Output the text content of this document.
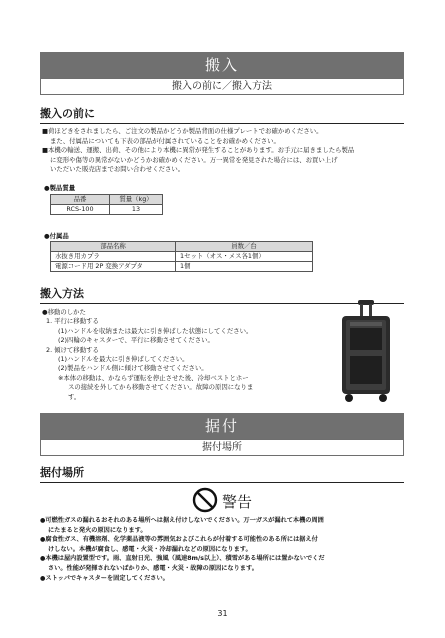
搬入
搬入の前に／搬入方法
搬入の前に
■荷ほどきをされましたら、ご注文の製品かどうか製品背面の仕様プレートでお確かめください。
また、付属品についても下表の部品が付属されていることをお確かめください。
■本機の輸送、運搬、出荷、その他により本機に異常が発生することがあります。お手元に届きましたら製品
に変形や傷等の異常がないかどうかお確かめください。万一異常を発見された場合には、お買い上げ
いただいた販売店までお問い合わせください。
●製品質量
品番	質量（kg）
RCS-100	13
●付属品
部品名称	員数／台
水抜き用カプラ	1セット（オス・メス各1個）
電源コード用 2P 変換アダプタ	1個
搬入方法
●移動のしかた
1. 平行に移動する
(1)ハンドルを収納または最大に引き伸ばした状態にしてください。
(2)四輪のキャスターで、平行に移動させてください。
2. 傾けて移動する
(1)ハンドルを最大に引き伸ばしてください。
(2)製品をハンドル側に傾けて移動させてください。
※本体の移動は、かならず運転を停止させた後、冷却ベストとホー
スの接続を外してから移動させてください。故障の原因になりま
す。
据付
据付場所
据付場所
警告
●可燃性ガスの漏れるおそれのある場所へは据え付けしないでください。万一ガスが漏れて本機の周囲
にたまると発火の原因になります。
●腐食性ガス、有機溶剤、化学薬品液等の雰囲気およびこれらが付着する可能性のある所には据え付
けしない。本機が腐食し、感電・火災・冷却漏れなどの原因になります。
●本機は屋内設置型です。雨、直射日光、強風（風速8m/s以上）、積雪がある場所には置かないでくだ
さい。性能が発揮されないばかりか、感電・火災・故障の原因になります。
●ストッパでキャスターを固定してください。
31
